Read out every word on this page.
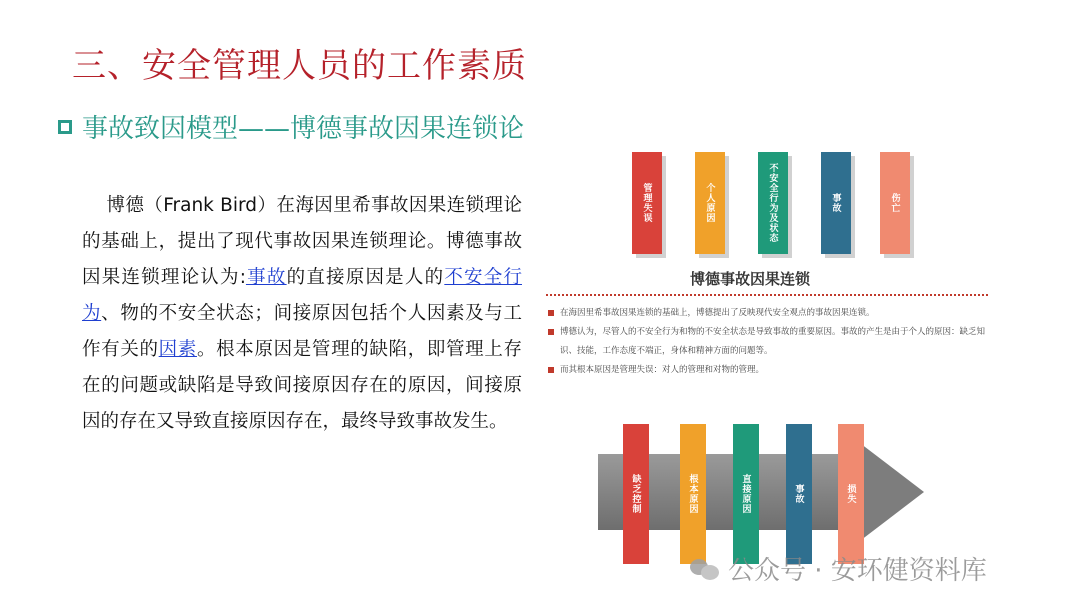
三、安全管理人员的工作素质
事故致因模型——博德事故因果连锁论
博德（Frank Bird）在海因里希事故因果连锁理论的基础上，提出了现代事故因果连锁理论。博德事故因果连锁理论认为:事故的直接原因是人的不安全行为、物的不安全状态；间接原因包括个人因素及与工作有关的因素。根本原因是管理的缺陷，即管理上存在的问题或缺陷是导致间接原因存在的原因，间接原因的存在又导致直接原因存在，最终导致事故发生。
管理失误	个人原因	不安全行为及状态	事故	伤亡
博德事故因果连锁
在海因里希事故因果连锁的基础上，博德提出了反映现代安全观点的事故因果连锁。
博德认为，尽管人的不安全行为和物的不安全状态是导致事故的重要原因。事故的产生是由于个人的原因：缺乏知识、技能，工作态度不端正，身体和精神方面的问题等。
而其根本原因是管理失误：对人的管理和对物的管理。
缺乏控制	根本原因	直接原因	事故	损失
公众号 · 安环健资料库
